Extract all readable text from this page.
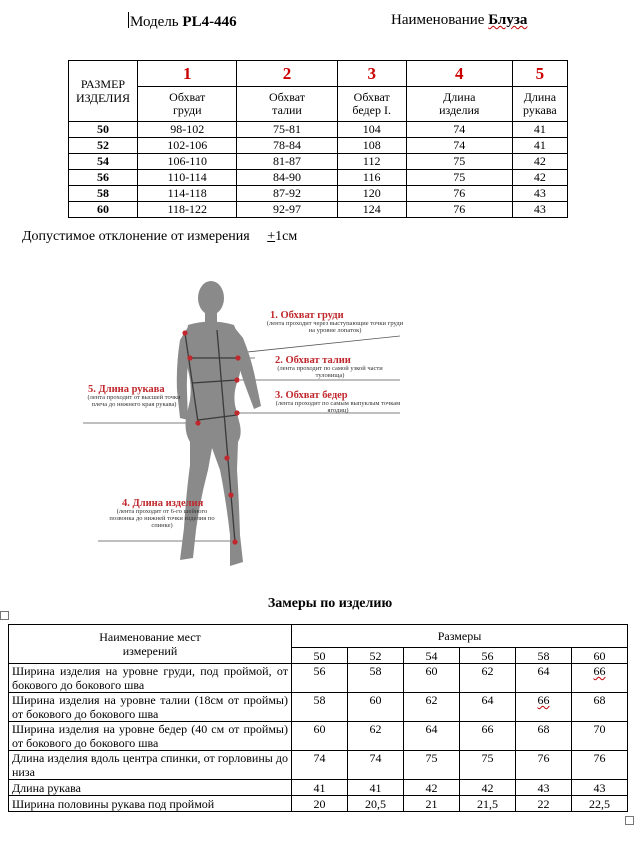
Модель PL4-446	Наименование Блуза
РАЗМЕР ИЗДЕЛИЯ	1	2	3	4	5
	Обхват груди	Обхват талии	Обхват бедер I.	Длина изделия	Длина рукава
50	98-102	75-81	104	74	41
52	102-106	78-84	108	74	41
54	106-110	81-87	112	75	42
56	110-114	84-90	116	75	42
58	114-118	87-92	120	76	43
60	118-122	92-97	124	76	43
Допустимое отклонение от измерения +1см
1. Обхват груди
(лента проходит через выступающие точки груди на уровне лопаток)
2. Обхват талии
(лента проходит по самой узкой части туловища)
3. Обхват бедер
(лента проходит по самым выпуклым точкам ягодиц)
5. Длина рукава
(лента проходит от высшей точки плеча до нижнего края рукава)
4. Длина изделия
(лента проходит от 6-го шейного позвонка до нижней точки изделия по спинке)
Замеры по изделию
Наименование мест измерений	Размеры					
	50	52	54	56	58	60
Ширина изделия на уровне груди, под проймой, от бокового до бокового шва	56	58	60	62	64	66
Ширина изделия на уровне талии (18см от проймы) от бокового до бокового шва	58	60	62	64	66	68
Ширина изделия на уровне бедер (40 см от проймы) от бокового до бокового шва	60	62	64	66	68	70
Длина изделия вдоль центра спинки, от горловины до низа	74	74	75	75	76	76
Длина рукава	41	41	42	42	43	43
Ширина половины рукава под проймой	20	20,5	21	21,5	22	22,5
